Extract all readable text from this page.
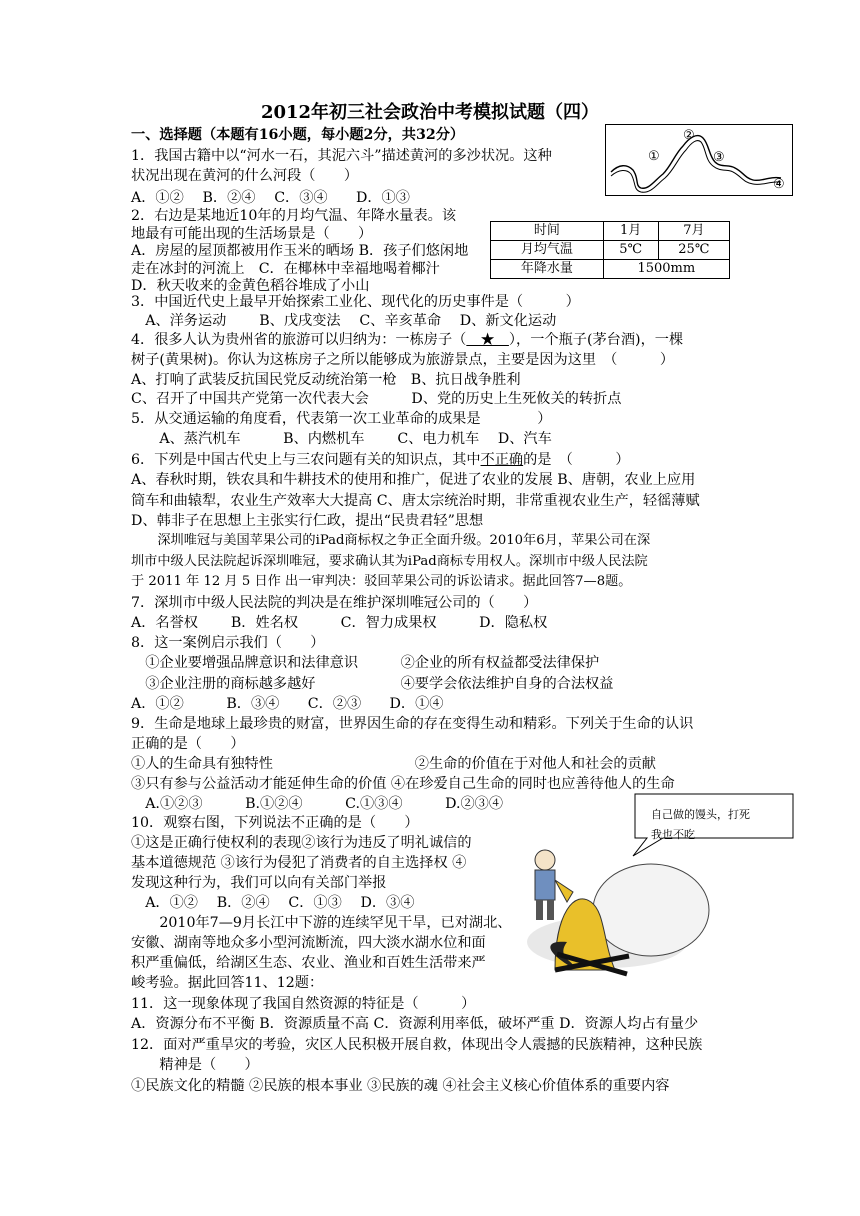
2012年初三社会政治中考模拟试题（四）
一、选择题（本题有16小题，每小题2分，共32分）
1．我国古籍中以“河水一石，其泥六斗”描述黄河的多沙状况。这种
状况出现在黄河的什么河段（　　）
A．①②　 B．②④　 C．③④　　D．①③
①
②
③
④
2．右边是某地近10年的月均气温、年降水量表。该
地最有可能出现的生活场景是（　　）
A．房屋的屋顶都被用作玉米的晒场 B．孩子们悠闲地
走在冰封的河流上　C．在椰林中幸福地喝着椰汁
D．秋天收来的金黄色稻谷堆成了小山
时间	1月	7月
月均气温	5℃	25℃
年降水量	1500mm	
3．中国近代史上最早开始探索工业化、现代化的历史事件是（　　　）
　A、洋务运动　　 B、戊戌变法　 C、辛亥革命　 D、新文化运动
4．很多人认为贵州省的旅游可以归纳为：一栋房子（　★　），一个瓶子(茅台酒)，一棵
树子(黄果树)。你认为这栋房子之所以能够成为旅游景点，主要是因为这里　（　　　）
A、打响了武装反抗国民党反动统治第一枪　B、抗日战争胜利
C、召开了中国共产党第一次代表大会　　　D、党的历史上生死攸关的转折点
5．从交通运输的角度看，代表第一次工业革命的成果是　　　　）
　　A、蒸汽机车　　　B、内燃机车　　 C、电力机车　 D、汽车
6．下列是中国古代史上与三农问题有关的知识点，其中不正确的是　（　　　）
A、春秋时期，铁农具和牛耕技术的使用和推广，促进了农业的发展 B、唐朝，农业上应用
筒车和曲辕犁，农业生产效率大大提高 C、唐太宗统治时期，非常重视农业生产，轻徭薄赋
D、韩非子在思想上主张实行仁政，提出“民贵君轻”思想
　　深圳唯冠与美国苹果公司的iPad商标权之争正全面升级。2010年6月，苹果公司在深
圳市中级人民法院起诉深圳唯冠，要求确认其为iPad商标专用权人。深圳市中级人民法院
于 2011 年 12 月 5 日作 出一审判决：驳回苹果公司的诉讼请求。据此回答7—8题。
7．深圳市中级人民法院的判决是在维护深圳唯冠公司的（　　）
A．名誉权　　 B．姓名权　　　C．智力成果权　　　D．隐私权
8．这一案例启示我们（　　）
　①企业要增强品牌意识和法律意识　　　②企业的所有权益都受法律保护
　③企业注册的商标越多越好　　　　　　④要学会依法维护自身的合法权益
A．①②　　　B．③④　　C．②③　　D．①④
9．生命是地球上最珍贵的财富，世界因生命的存在变得生动和精彩。下列关于生命的认识
正确的是（　　）
①人的生命具有独特性　　　　　　　　　　②生命的价值在于对他人和社会的贡献
③只有参与公益活动才能延伸生命的价值 ④在珍爱自己生命的同时也应善待他人的生命
　A.①②③　　　B.①②④　　　C.①③④　　　D.②③④
10．观察右图，下列说法不正确的是（　　）
①这是正确行使权利的表现②该行为违反了明礼诚信的
基本道德规范 ③该行为侵犯了消费者的自主选择权 ④
发现这种行为，我们可以向有关部门举报
　A．①②　 B．②④　 C．①③　 D．③④
自己做的馒头，打死
我也不吃
　　2010年7—9月长江中下游的连续罕见干旱，已对湖北、
安徽、湖南等地众多小型河流断流，四大淡水湖水位和面
积严重偏低，给湖区生态、农业、渔业和百姓生活带来严
峻考验。据此回答11、12题：
11．这一现象体现了我国自然资源的特征是（　　　）
A．资源分布不平衡 B．资源质量不高 C．资源利用率低，破坏严重 D．资源人均占有量少
12．面对严重旱灾的考验，灾区人民积极开展自救，体现出令人震撼的民族精神，这种民族
　　精神是（　　）
①民族文化的精髓 ②民族的根本事业 ③民族的魂 ④社会主义核心价值体系的重要内容
